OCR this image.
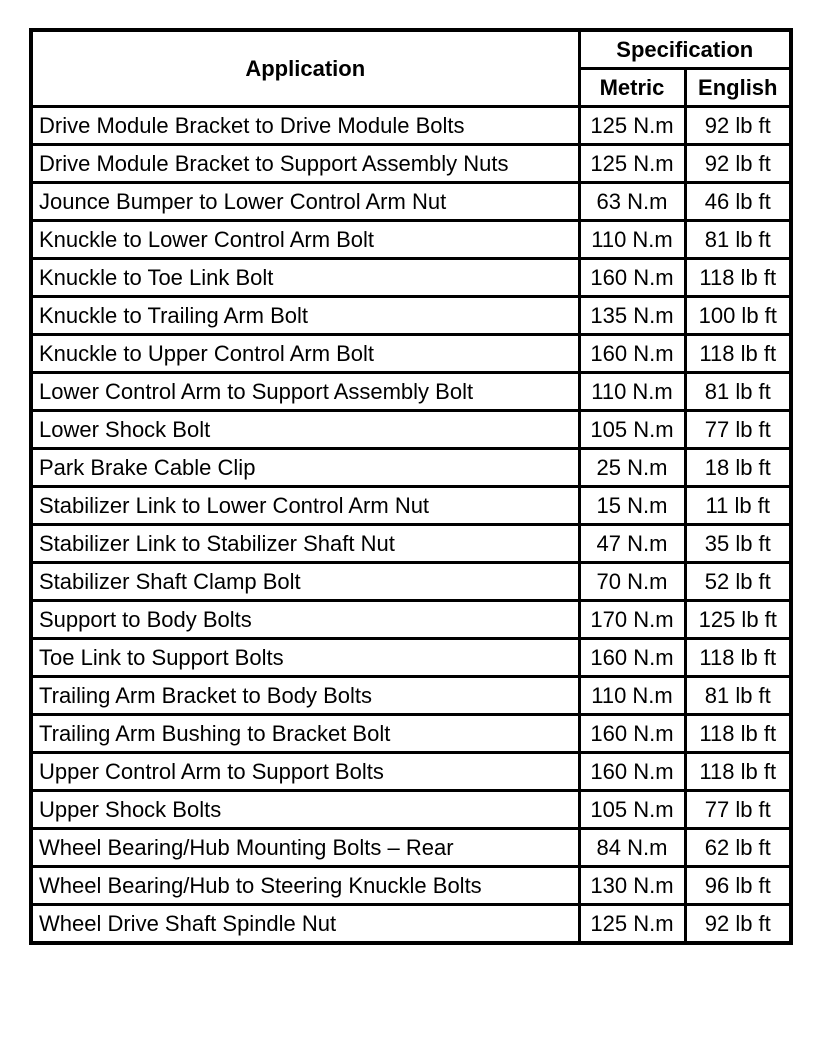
Application	Specification	
	Metric	English
Drive Module Bracket to Drive Module Bolts	125 N.m	92 lb ft
Drive Module Bracket to Support Assembly Nuts	125 N.m	92 lb ft
Jounce Bumper to Lower Control Arm Nut	63 N.m	46 lb ft
Knuckle to Lower Control Arm Bolt	110 N.m	81 lb ft
Knuckle to Toe Link Bolt	160 N.m	118 lb ft
Knuckle to Trailing Arm Bolt	135 N.m	100 lb ft
Knuckle to Upper Control Arm Bolt	160 N.m	118 lb ft
Lower Control Arm to Support Assembly Bolt	110 N.m	81 lb ft
Lower Shock Bolt	105 N.m	77 lb ft
Park Brake Cable Clip	25 N.m	18 lb ft
Stabilizer Link to Lower Control Arm Nut	15 N.m	11 lb ft
Stabilizer Link to Stabilizer Shaft Nut	47 N.m	35 lb ft
Stabilizer Shaft Clamp Bolt	70 N.m	52 lb ft
Support to Body Bolts	170 N.m	125 lb ft
Toe Link to Support Bolts	160 N.m	118 lb ft
Trailing Arm Bracket to Body Bolts	110 N.m	81 lb ft
Trailing Arm Bushing to Bracket Bolt	160 N.m	118 lb ft
Upper Control Arm to Support Bolts	160 N.m	118 lb ft
Upper Shock Bolts	105 N.m	77 lb ft
Wheel Bearing/Hub Mounting Bolts – Rear	84 N.m	62 lb ft
Wheel Bearing/Hub to Steering Knuckle Bolts	130 N.m	96 lb ft
Wheel Drive Shaft Spindle Nut	125 N.m	92 lb ft
